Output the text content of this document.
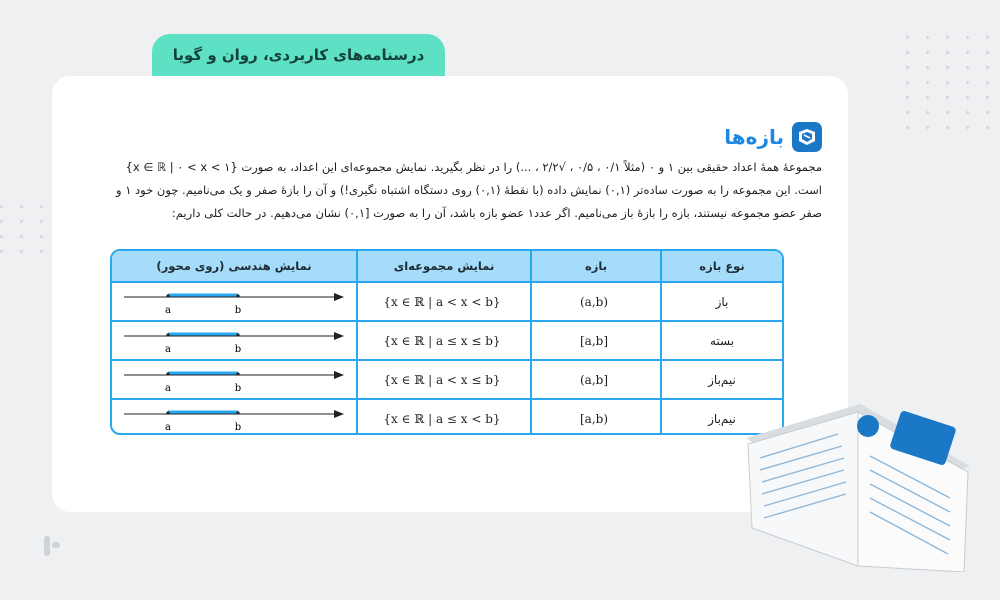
درسنامه‌های کاربردی، روان و گویا
بازه‌ها
مجموعهٔ همهٔ اعداد حقیقی بین ۱ و ۰ (مثلاً ۰/۱ ، ۰/۵ ، √۲/۲ ، ...) را در نظر بگیرید. نمایش مجموعه‌ای این اعداد، به صورت {x ∈ ℝ | ۰ < x < ۱}
است. این مجموعه را به صورت ساده‌تر (۰,۱) نمایش داده (با نقطهٔ (۰,۱) روی دستگاه اشتباه نگیری!) و آن را بازهٔ صفر و یک می‌نامیم. چون خود ۱ و
صفر عضو مجموعه نیستند، بازه را بازهٔ باز می‌نامیم. اگر عدد۱ عضو بازه باشد، آن را به صورت [۰,۱) نشان می‌دهیم. در حالت کلی داریم:
نوع بازه	بازه	نمایش مجموعه‌ای	نمایش هندسی (روی محور)
باز	(a,b)	{x ∈ ℝ | a < x < b}	a b

بسته	[a,b]	{x ∈ ℝ | a ≤ x ≤ b}	a b

نیم‌باز	(a,b]	{x ∈ ℝ | a < x ≤ b}	a b

نیم‌باز	[a,b)	{x ∈ ℝ | a ≤ x < b}	a b
